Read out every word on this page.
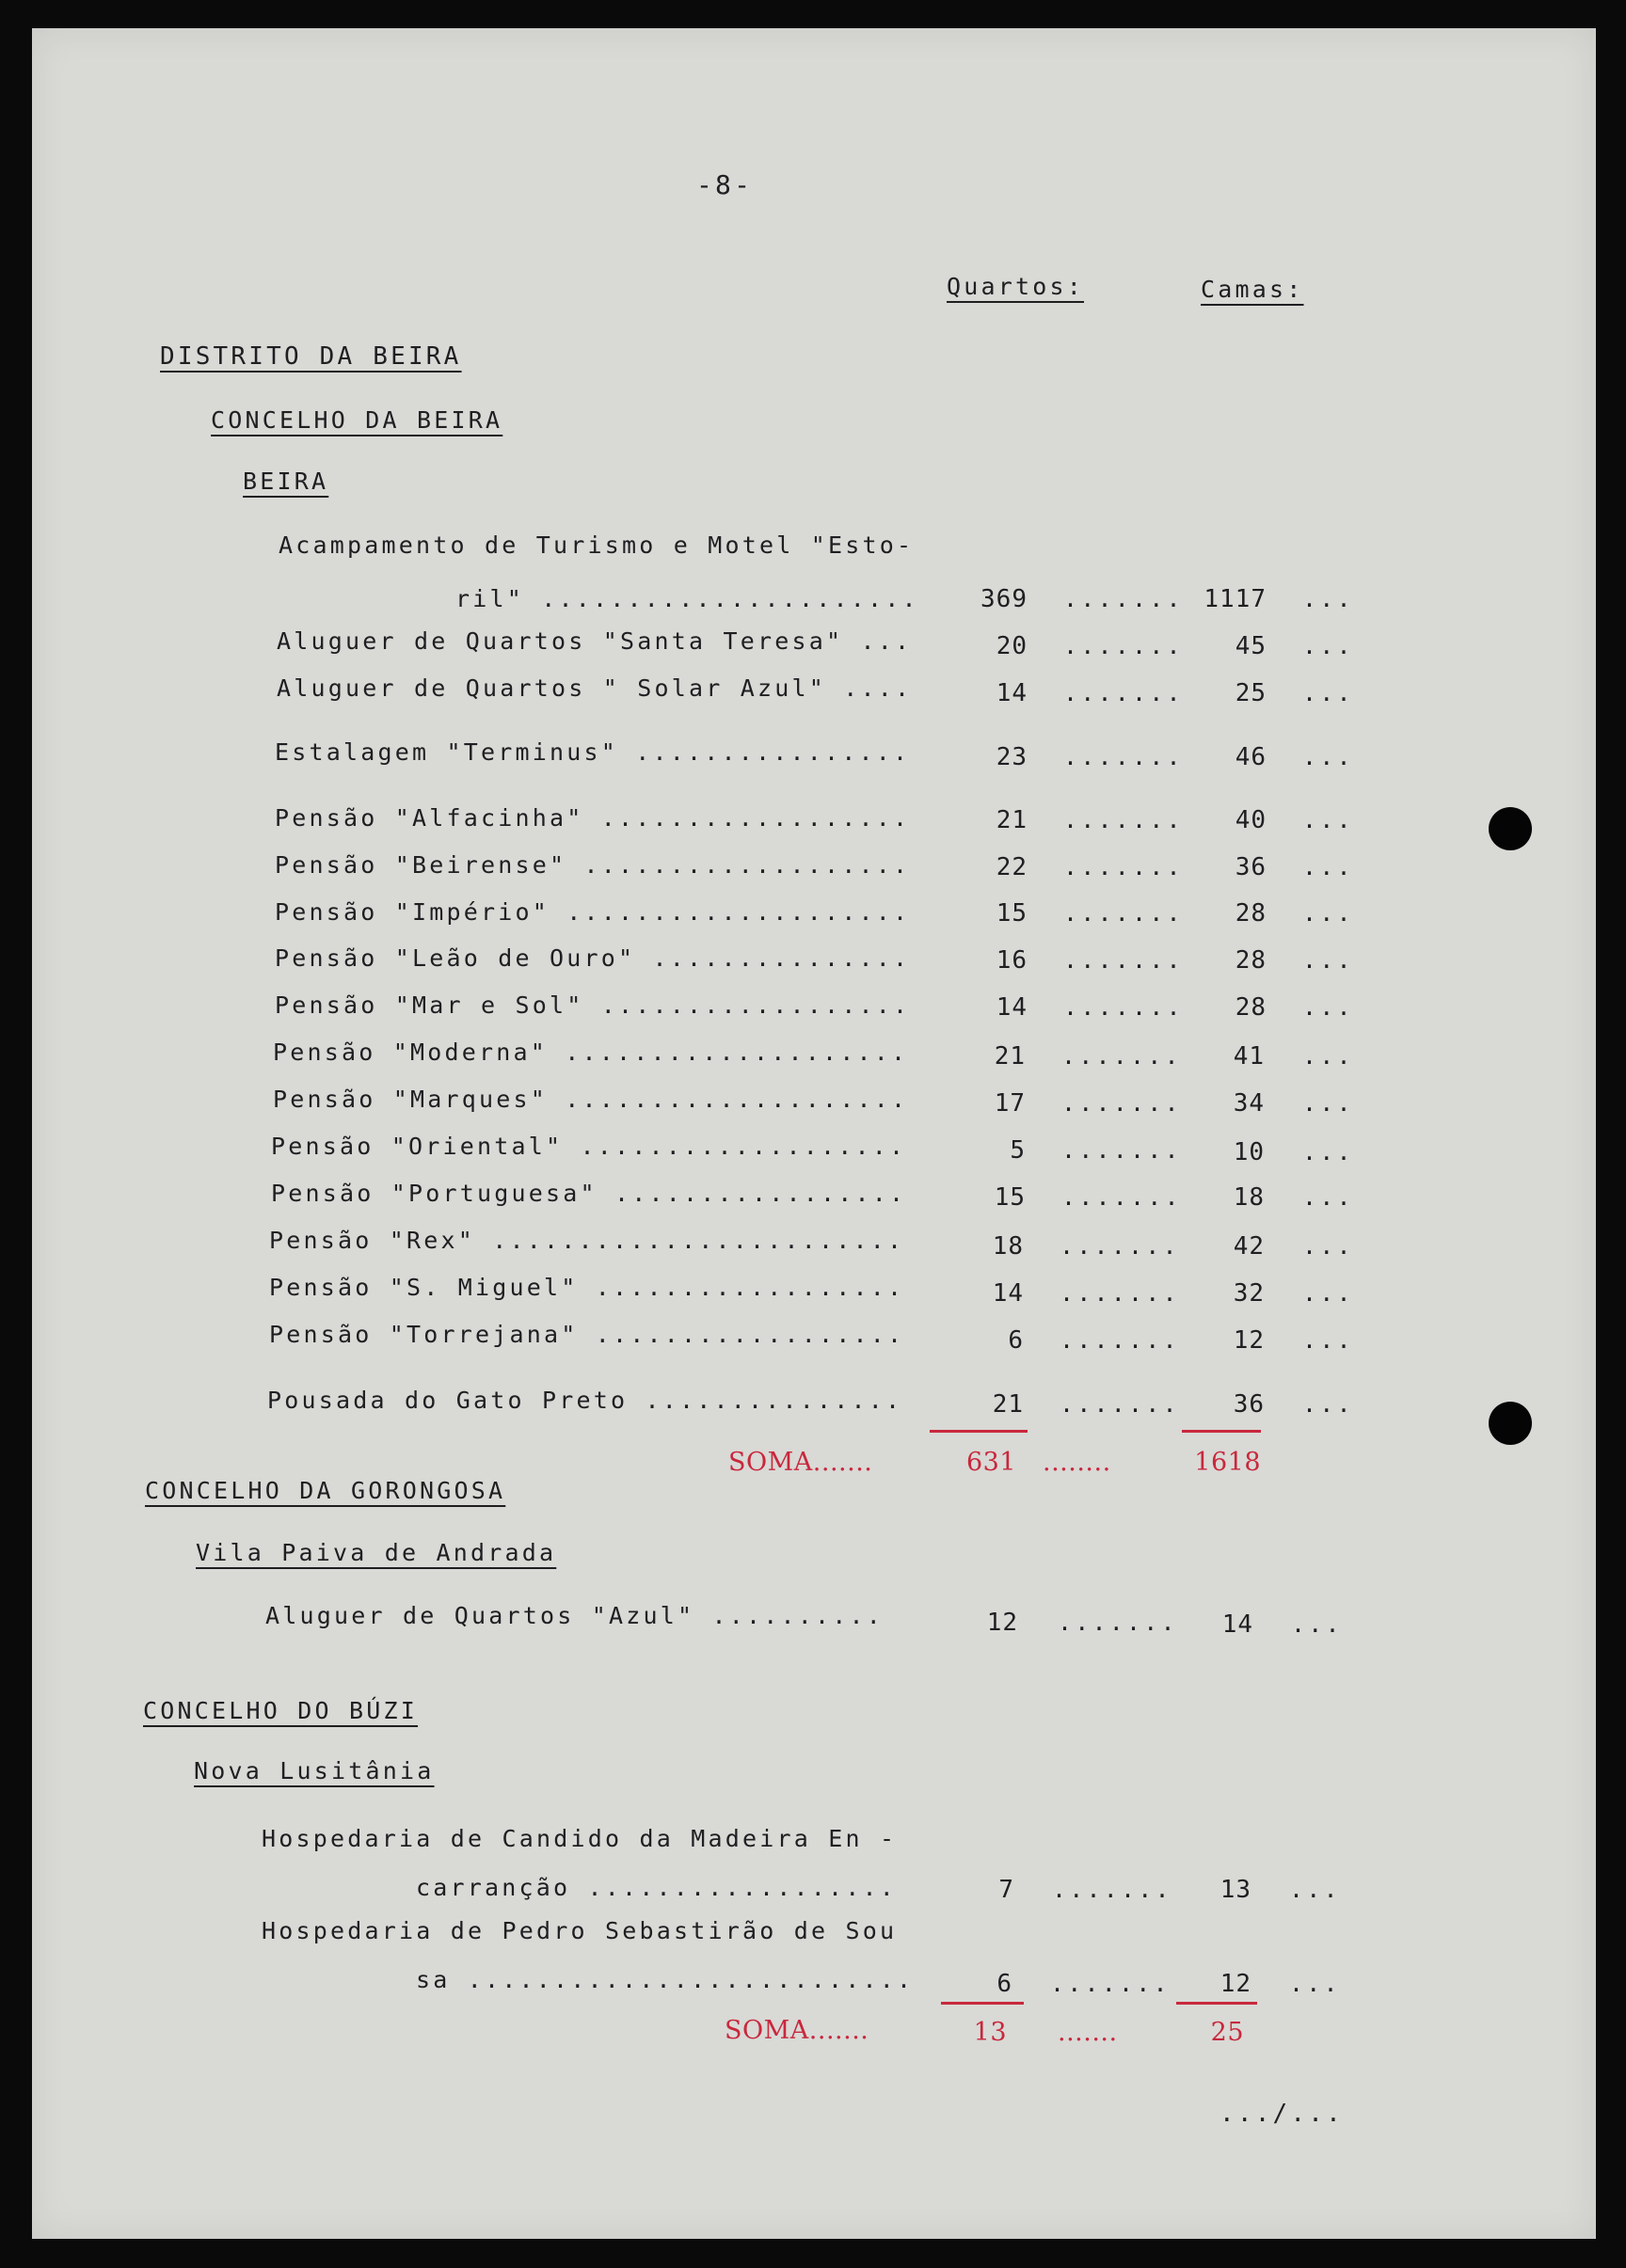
-8-
Quartos:	Camas:
DISTRITO DA BEIRA
CONCELHO DA BEIRA
BEIRA
Acampamento de Turismo e Motel "Esto-
ril" ......................	369 ....... 1117 ...
Aluguer de Quartos "Santa Teresa" ...	20 .......	45 ...
Aluguer de Quartos " Solar Azul" ....	14 .......	25 ...
Estalagem "Terminus" ................	23 .......	46 ...
Pensão "Alfacinha" ..................	21 .......	40 ...
Pensão "Beirense" ...................	22 .......	36 ...
Pensão "Império" ....................	15 .......	28 ...
Pensão "Leão de Ouro" ...............	16 .......	28 ...
Pensão "Mar e Sol" ..................	14 .......	28 ...
Pensão "Moderna" ....................	21 .......	41 ...
Pensão "Marques" ....................	17 .......	34 ...
Pensão "Oriental" ...................	5 .......	10 ...
Pensão "Portuguesa" .................	15 .......	18 ...
Pensão "Rex" ........................	18 .......	42 ...
Pensão "S. Miguel" ..................	14 .......	32 ...
Pensão "Torrejana" ..................	6 .......	12 ...
Pousada do Gato Preto ...............	21 .......	36 ...
SOMA.......	631 ........	1618
CONCELHO DA GORONGOSA
Vila Paiva de Andrada
Aluguer de Quartos "Azul" ..........	12 .......	14 ...
CONCELHO DO BÚZI
Nova Lusitânia
Hospedaria de Candido da Madeira En -
carranção ..................	7 .......	13 ...
Hospedaria de Pedro Sebastirão de Sou
sa ..........................	6 .......	12 ...
SOMA.......	13 .......	25
.../...
